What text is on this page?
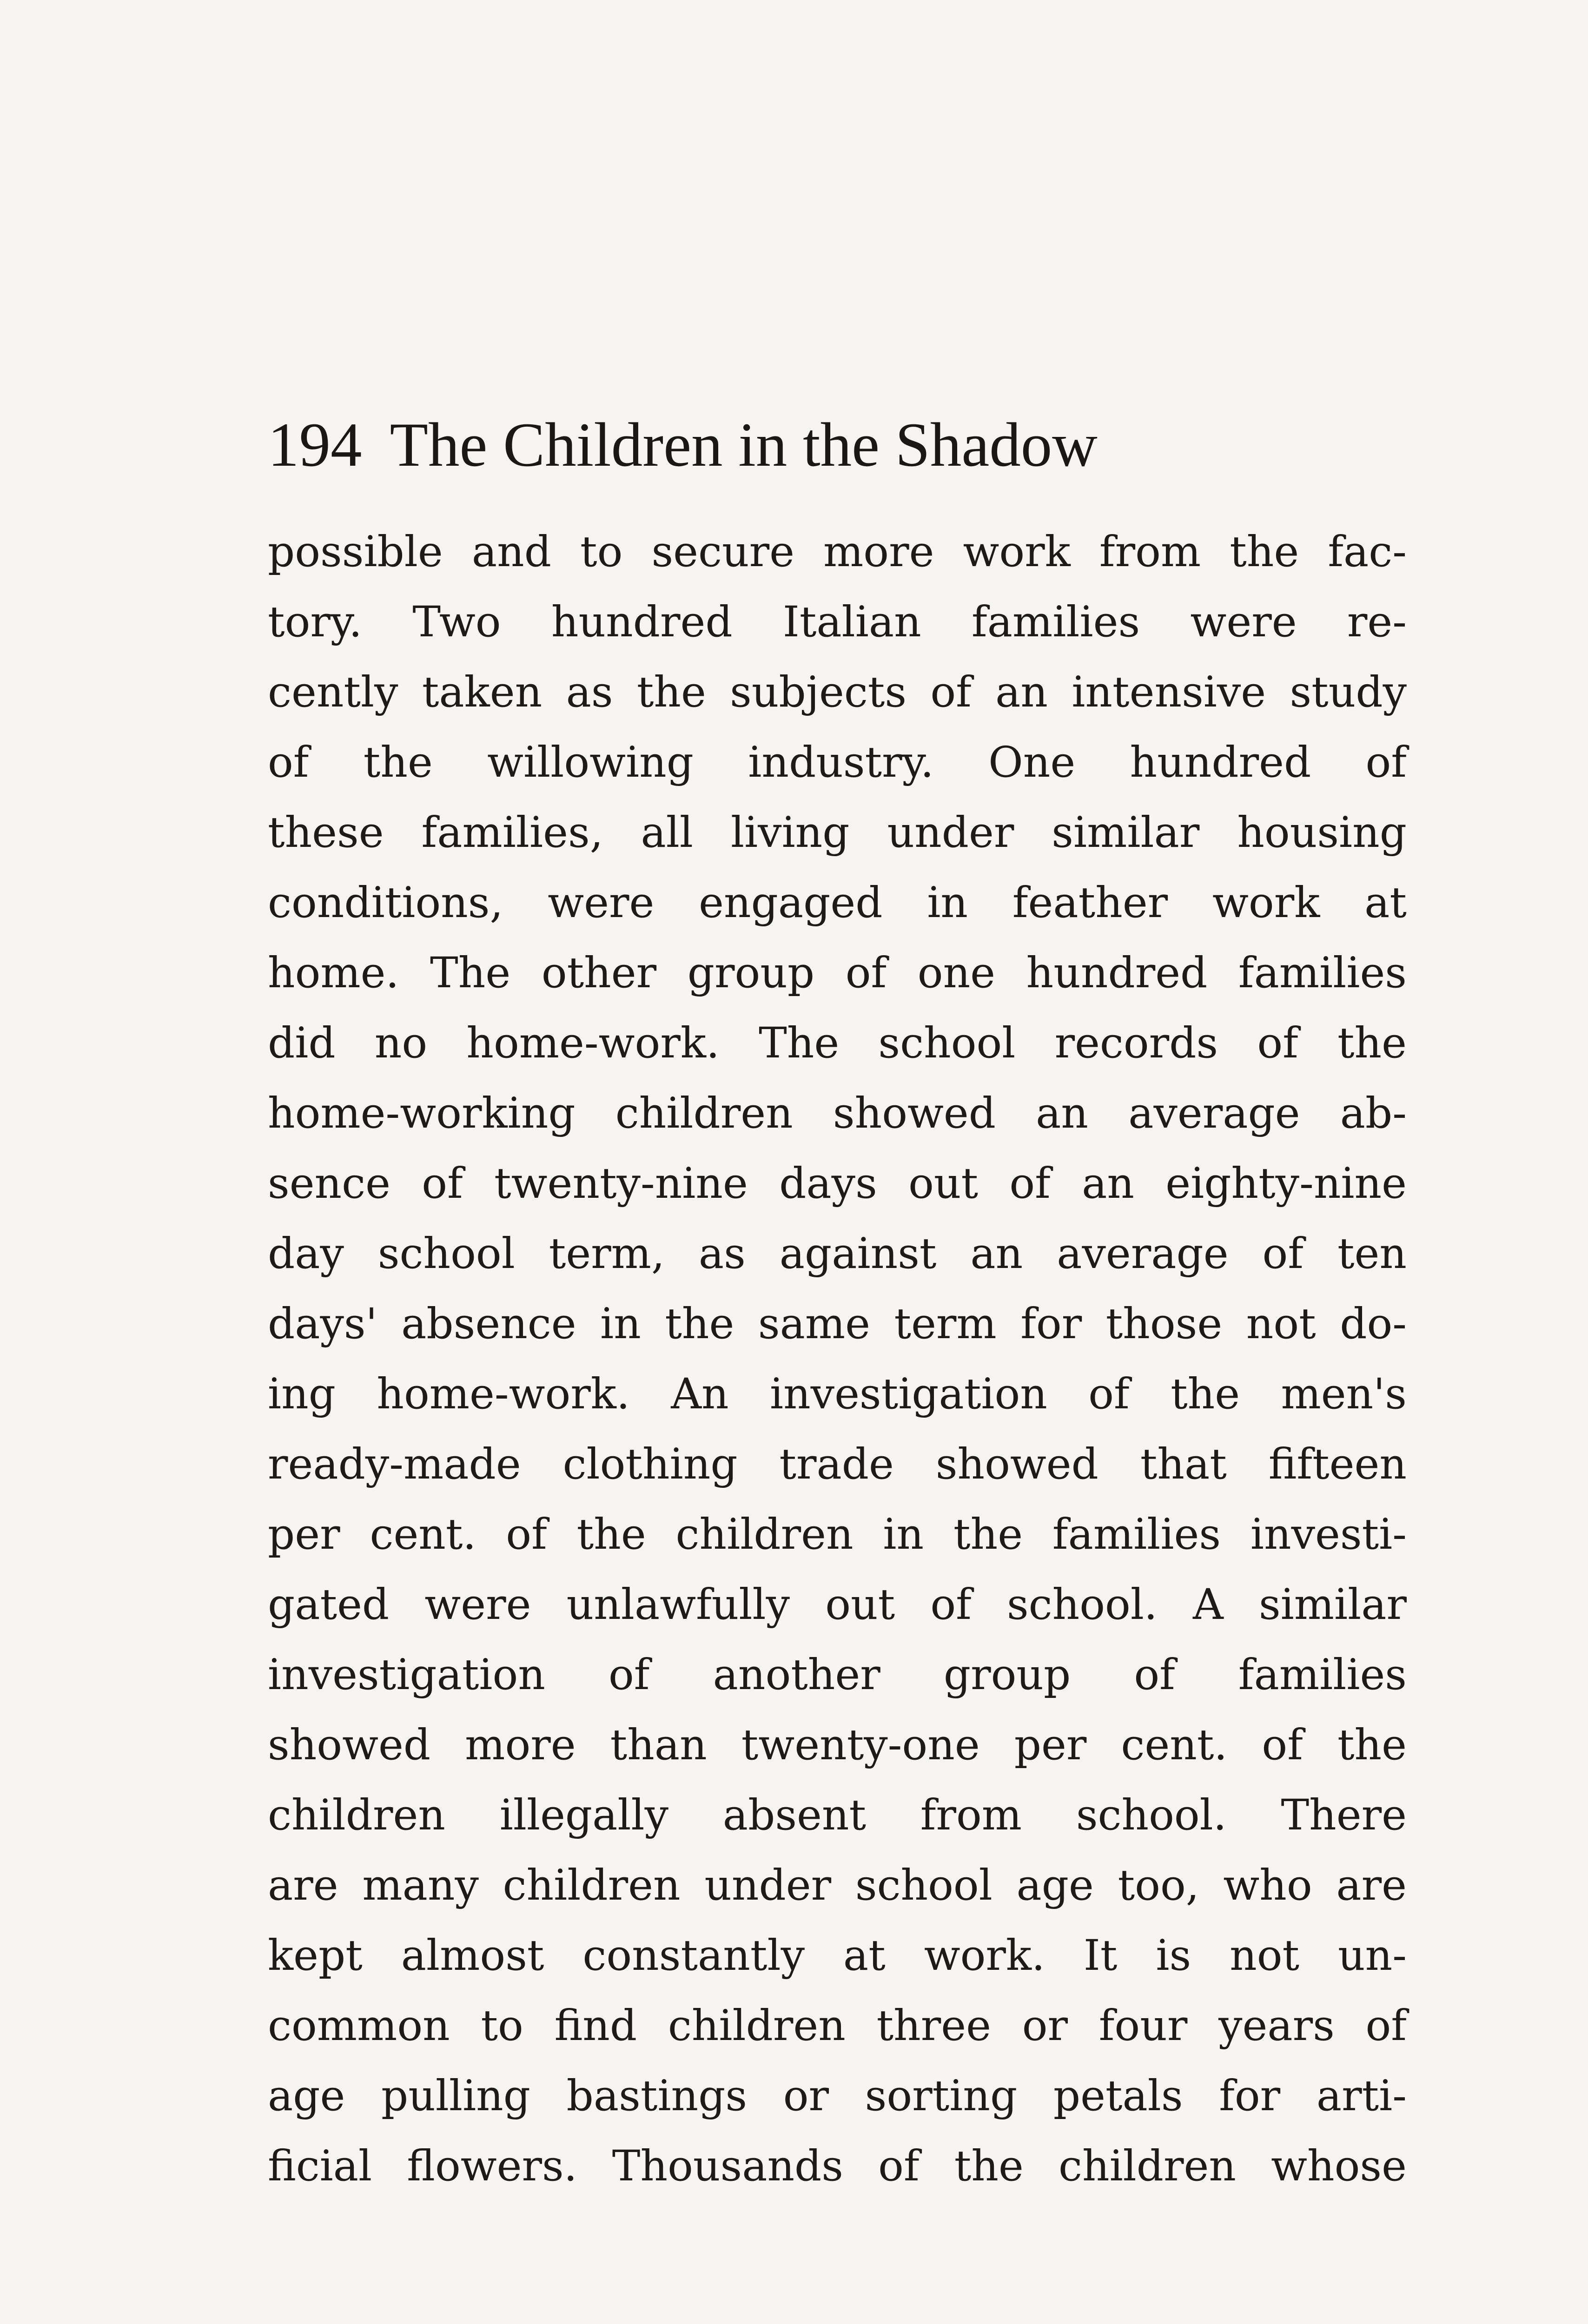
194 The Children in the Shadow
possible and to secure more work from the fac-
tory. Two hundred Italian families were re-
cently taken as the subjects of an intensive study
of the willowing industry. One hundred of
these families, all living under similar housing
conditions, were engaged in feather work at
home. The other group of one hundred families
did no home-work. The school records of the
home-working children showed an average ab-
sence of twenty-nine days out of an eighty-nine
day school term, as against an average of ten
days' absence in the same term for those not do-
ing home-work. An investigation of the men's
ready-made clothing trade showed that fifteen
per cent. of the children in the families investi-
gated were unlawfully out of school. A similar
investigation of another group of families
showed more than twenty-one per cent. of the
children illegally absent from school. There
are many children under school age too, who are
kept almost constantly at work. It is not un-
common to find children three or four years of
age pulling bastings or sorting petals for arti-
ficial flowers. Thousands of the children whose
